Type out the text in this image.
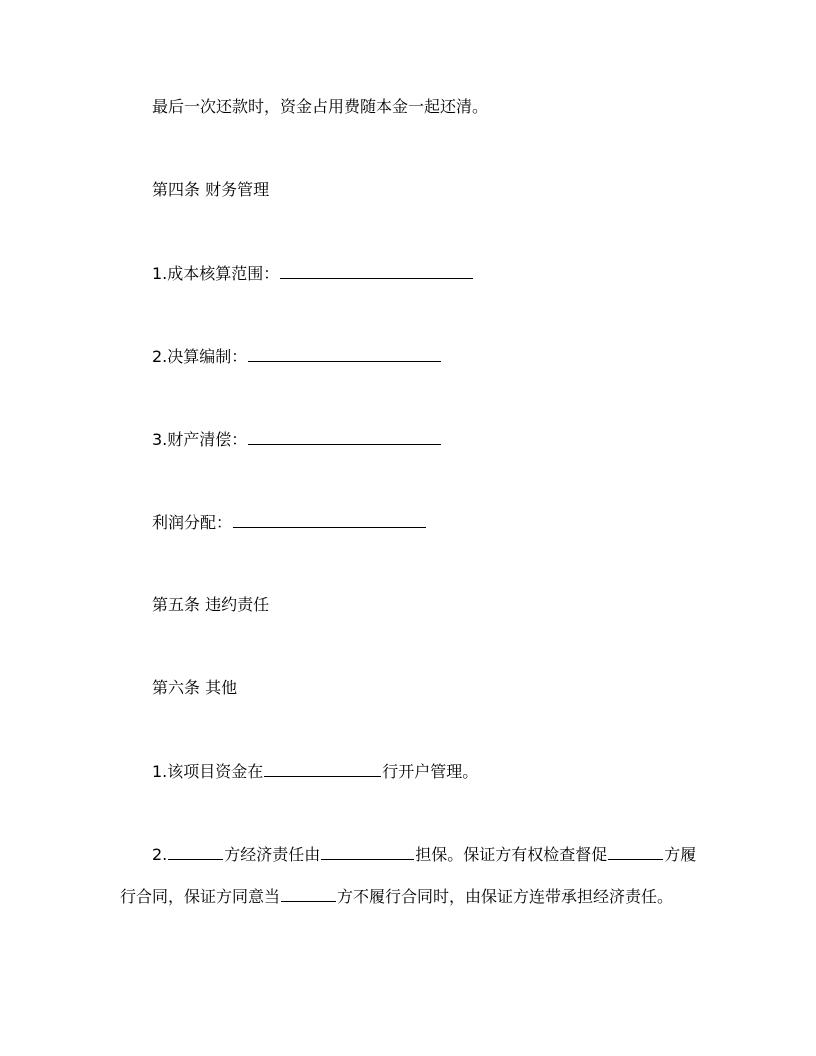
最后一次还款时，资金占用费随本金一起还清。
第四条 财务管理
1.成本核算范围：
2.决算编制：
3.财产清偿：
利润分配：
第五条 违约责任
第六条 其他
1.该项目资金在	行开户管理。
2.	方经济责任由	担保。保证方有权检查督促	方履
行合同，保证方同意当	方不履行合同时，由保证方连带承担经济责任。
